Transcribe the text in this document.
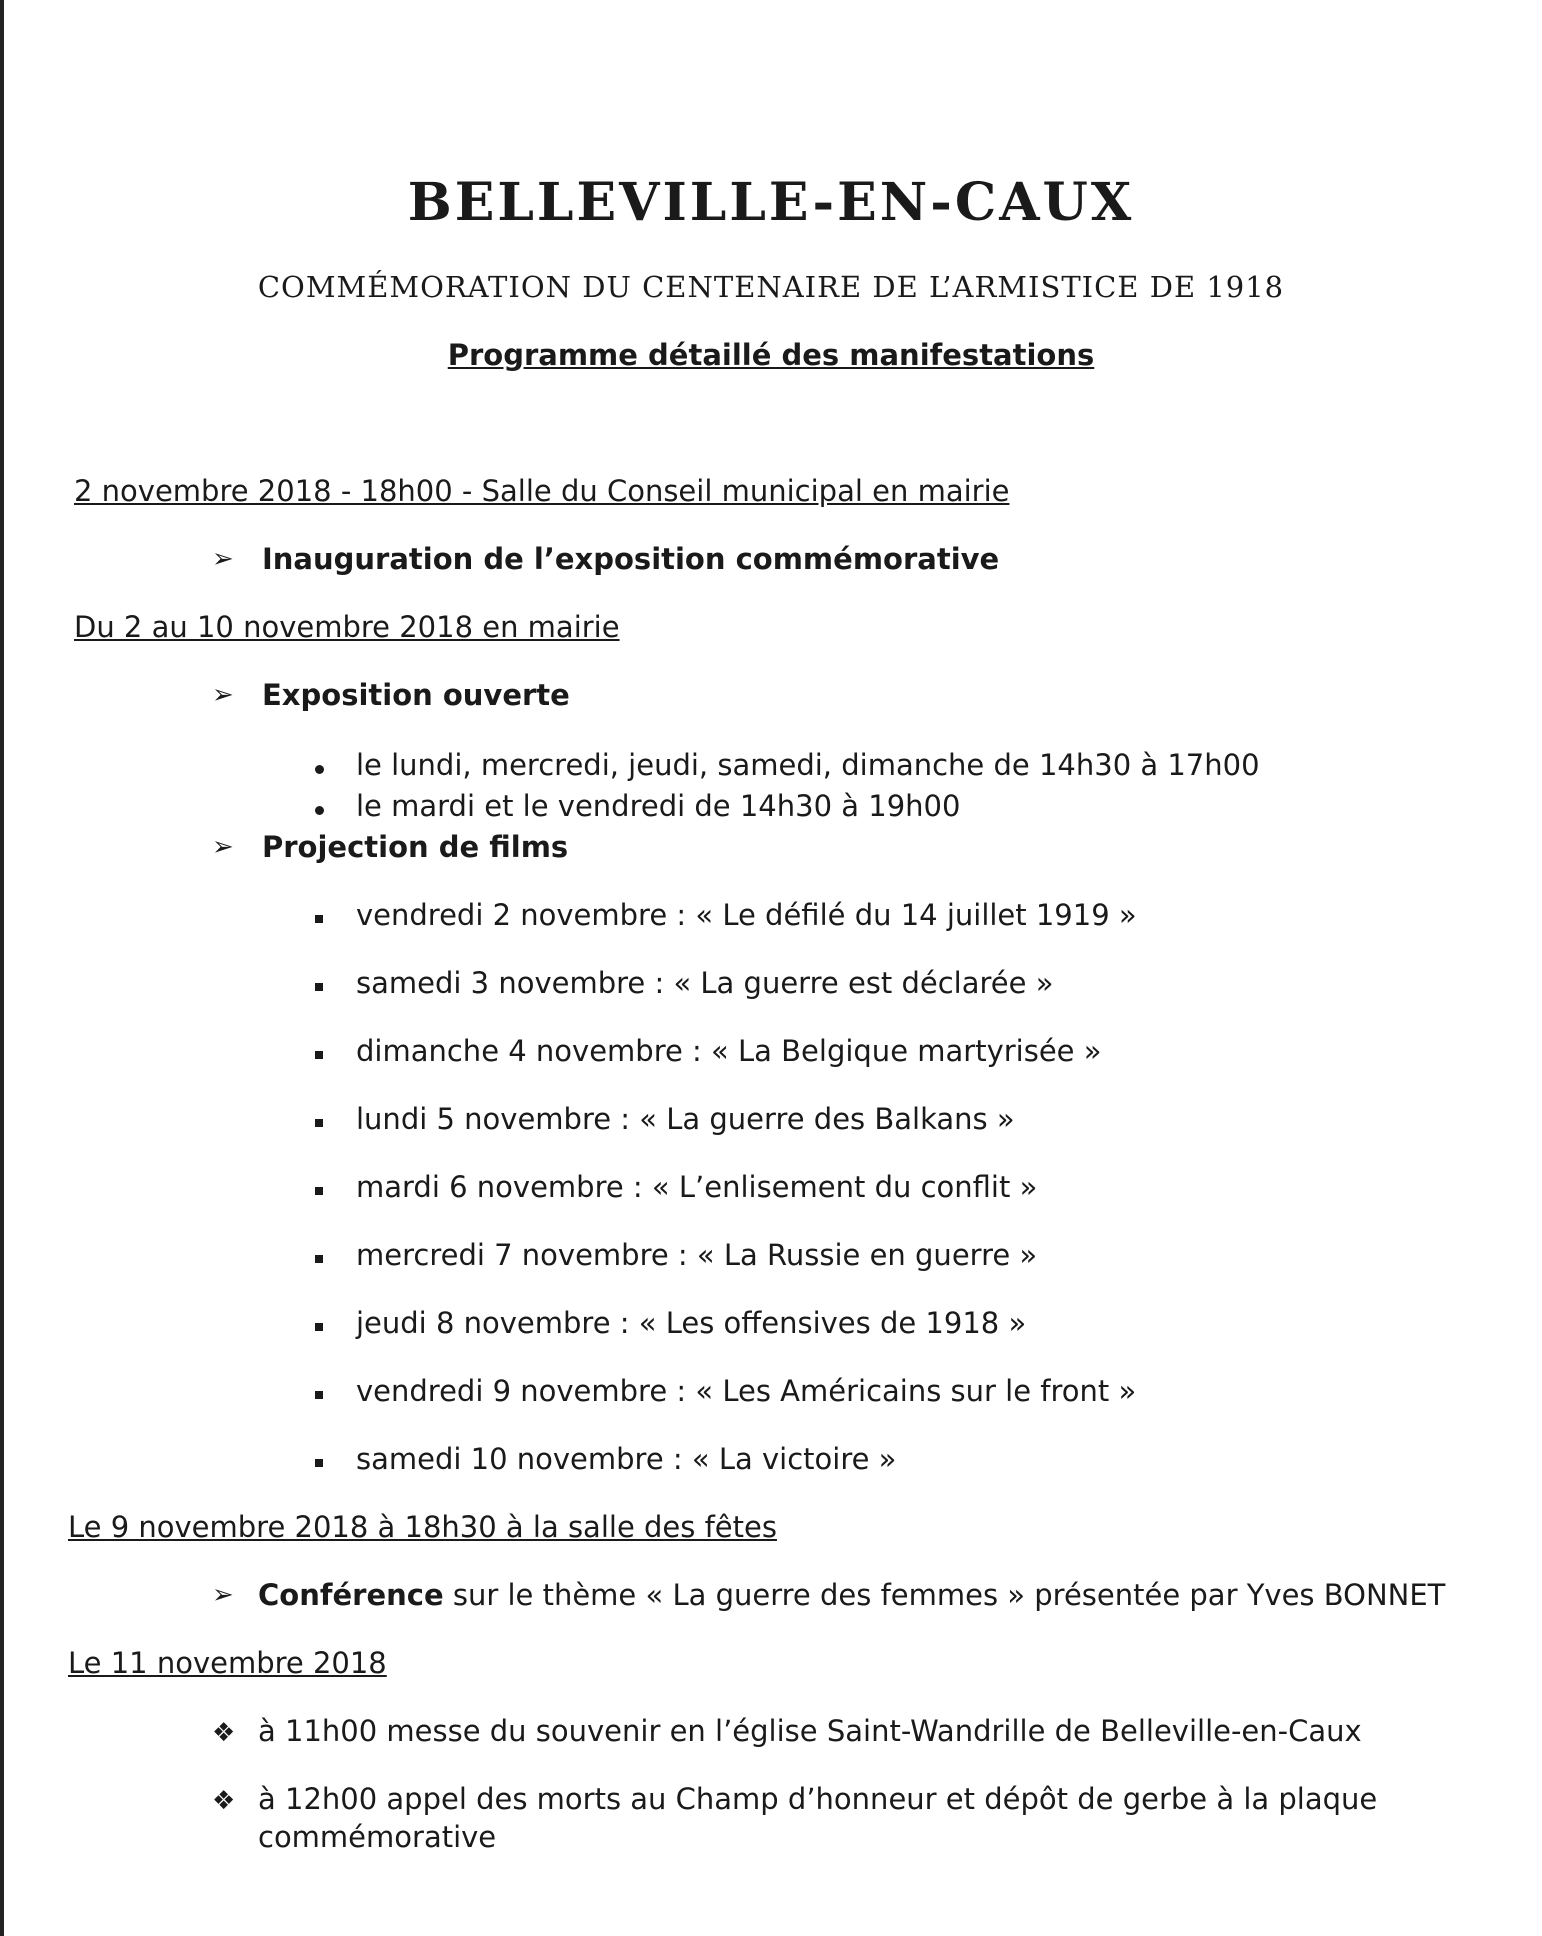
BELLEVILLE-EN-CAUX
COMMÉMORATION DU CENTENAIRE DE L’ARMISTICE DE 1918
Programme détaillé des manifestations
2 novembre 2018 - 18h00 - Salle du Conseil municipal en mairie
➢ Inauguration de l’exposition commémorative
Du 2 au 10 novembre 2018 en mairie
➢ Exposition ouverte
le lundi, mercredi, jeudi, samedi, dimanche de 14h30 à 17h00
le mardi et le vendredi de 14h30 à 19h00
➢ Projection de films
vendredi 2 novembre : « Le défilé du 14 juillet 1919 »
samedi 3 novembre : « La guerre est déclarée »
dimanche 4 novembre : « La Belgique martyrisée »
lundi 5 novembre : « La guerre des Balkans »
mardi 6 novembre : « L’enlisement du conflit »
mercredi 7 novembre : « La Russie en guerre »
jeudi 8 novembre : « Les offensives de 1918 »
vendredi 9 novembre : « Les Américains sur le front »
samedi 10 novembre : « La victoire »
Le 9 novembre 2018 à 18h30 à la salle des fêtes
➢ Conférence sur le thème « La guerre des femmes » présentée par Yves BONNET
Le 11 novembre 2018
❖ à 11h00 messe du souvenir en l’église Saint-Wandrille de Belleville-en-Caux
❖ à 12h00 appel des morts au Champ d’honneur et dépôt de gerbe à la plaque
commémorative
